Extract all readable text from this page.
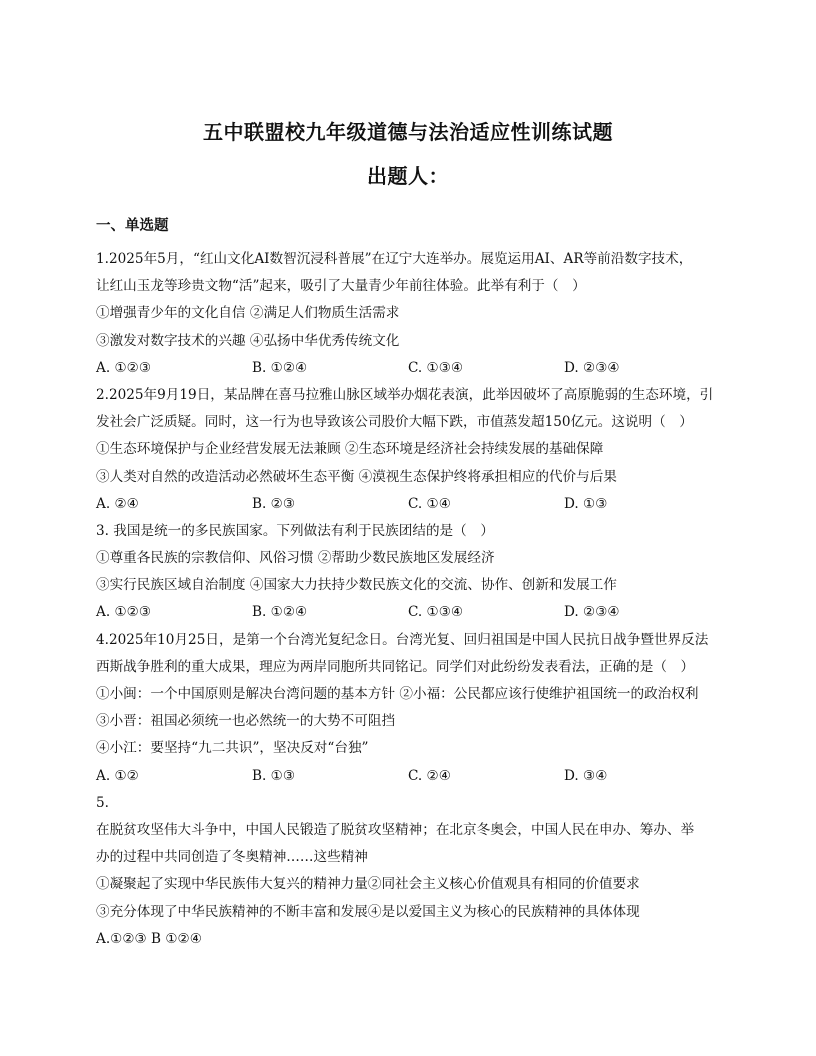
五中联盟校九年级道德与法治适应性训练试题
出题人：
一、单选题
1.2025年5月，“红山文化AI数智沉浸科普展”在辽宁大连举办。展览运用AI、AR等前沿数字技术，
让红山玉龙等珍贵文物“活”起来，吸引了大量青少年前往体验。此举有利于（　）
①增强青少年的文化自信 ②满足人们物质生活需求
③激发对数字技术的兴趣 ④弘扬中华优秀传统文化
A. ①②③	B. ①②④	C. ①③④	D. ②③④
2.2025年9月19日，某品牌在喜马拉雅山脉区域举办烟花表演，此举因破坏了高原脆弱的生态环境，引
发社会广泛质疑。同时，这一行为也导致该公司股价大幅下跌，市值蒸发超150亿元。这说明（　）
①生态环境保护与企业经营发展无法兼顾 ②生态环境是经济社会持续发展的基础保障
③人类对自然的改造活动必然破坏生态平衡 ④漠视生态保护终将承担相应的代价与后果
A. ②④	B. ②③	C. ①④	D. ①③
3. 我国是统一的多民族国家。下列做法有利于民族团结的是（　）
①尊重各民族的宗教信仰、风俗习惯 ②帮助少数民族地区发展经济
③实行民族区域自治制度 ④国家大力扶持少数民族文化的交流、协作、创新和发展工作
A. ①②③	B. ①②④	C. ①③④	D. ②③④
4.2025年10月25日，是第一个台湾光复纪念日。台湾光复、回归祖国是中国人民抗日战争暨世界反法
西斯战争胜利的重大成果，理应为两岸同胞所共同铭记。同学们对此纷纷发表看法，正确的是（　）
①小闽：一个中国原则是解决台湾问题的基本方针 ②小福：公民都应该行使维护祖国统一的政治权利
③小晋：祖国必须统一也必然统一的大势不可阻挡
④小江：要坚持“九二共识”，坚决反对“台独”
A. ①②	B. ①③	C. ②④	D. ③④
5.
在脱贫攻坚伟大斗争中，中国人民锻造了脱贫攻坚精神；在北京冬奥会，中国人民在申办、筹办、举
办的过程中共同创造了冬奥精神……这些精神
①凝聚起了实现中华民族伟大复兴的精神力量②同社会主义核心价值观具有相同的价值要求
③充分体现了中华民族精神的不断丰富和发展④是以爱国主义为核心的民族精神的具体体现
A.①②③ B ①②④
